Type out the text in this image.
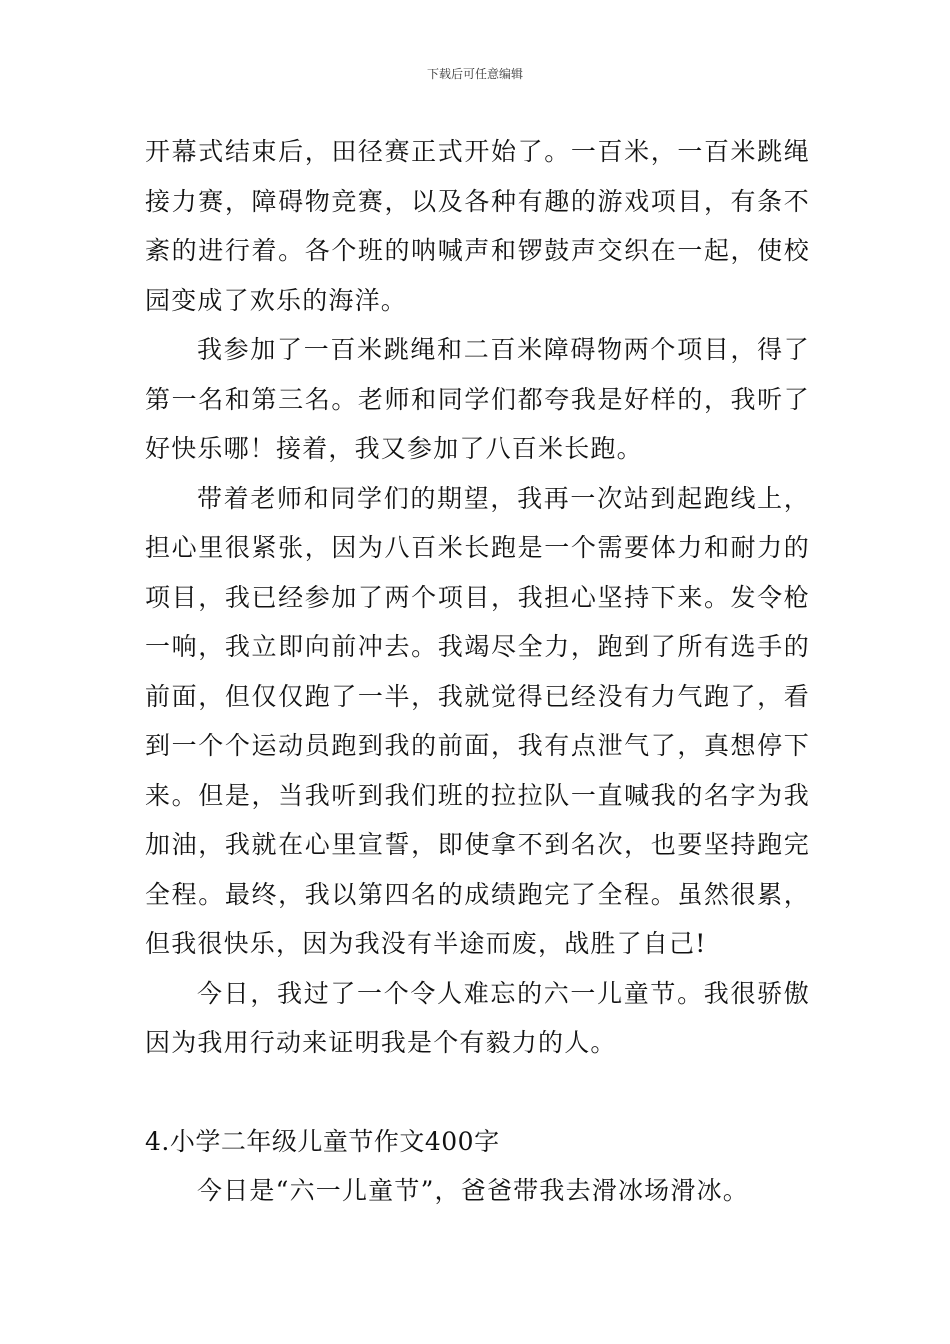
下载后可任意编辑

开幕式结束后，田径赛正式开始了。一百米，一百米跳绳接力赛，障碍物竞赛，以及各种有趣的游戏项目，有条不紊的进行着。各个班的呐喊声和锣鼓声交织在一起，使校园变成了欢乐的海洋。

我参加了一百米跳绳和二百米障碍物两个项目，得了第一名和第三名。老师和同学们都夸我是好样的，我听了好快乐哪！接着，我又参加了八百米长跑。

带着老师和同学们的期望，我再一次站到起跑线上，担心里很紧张，因为八百米长跑是一个需要体力和耐力的项目，我已经参加了两个项目，我担心坚持下来。发令枪一响，我立即向前冲去。我竭尽全力，跑到了所有选手的前面，但仅仅跑了一半，我就觉得已经没有力气跑了，看到一个个运动员跑到我的前面，我有点泄气了，真想停下来。但是，当我听到我们班的拉拉队一直喊我的名字为我加油，我就在心里宣誓，即使拿不到名次，也要坚持跑完全程。最终，我以第四名的成绩跑完了全程。虽然很累，但我很快乐，因为我没有半途而废，战胜了自己!

今日，我过了一个令人难忘的六一儿童节。我很骄傲因为我用行动来证明我是个有毅力的人。

4.小学二年级儿童节作文400字

今日是“六一儿童节”，爸爸带我去滑冰场滑冰。
